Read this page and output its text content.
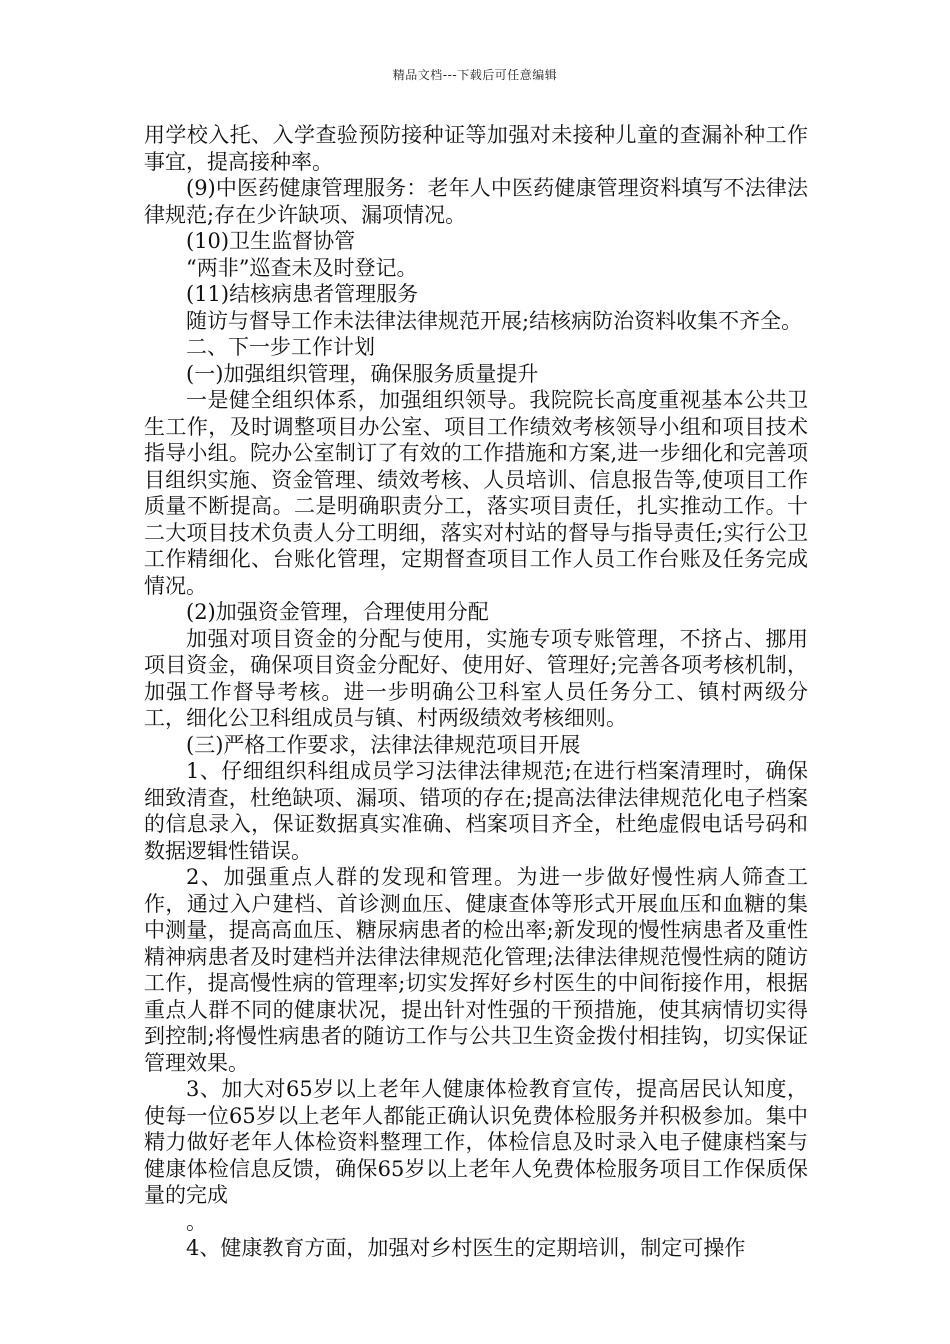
精品文档---下载后可任意编辑

用学校入托、入学查验预防接种证等加强对未接种儿童的查漏补种工作事宜，提高接种率。

(9)中医药健康管理服务：老年人中医药健康管理资料填写不法律法律规范;存在少许缺项、漏项情况。

(10)卫生监督协管

“两非”巡查未及时登记。

(11)结核病患者管理服务

随访与督导工作未法律法律规范开展;结核病防治资料收集不齐全。

二、下一步工作计划

(一)加强组织管理，确保服务质量提升

一是健全组织体系，加强组织领导。我院院长高度重视基本公共卫生工作，及时调整项目办公室、项目工作绩效考核领导小组和项目技术指导小组。院办公室制订了有效的工作措施和方案,进一步细化和完善项目组织实施、资金管理、绩效考核、人员培训、信息报告等,使项目工作质量不断提高。二是明确职责分工，落实项目责任，扎实推动工作。十二大项目技术负责人分工明细，落实对村站的督导与指导责任;实行公卫工作精细化、台账化管理，定期督查项目工作人员工作台账及任务完成情况。

(2)加强资金管理，合理使用分配

加强对项目资金的分配与使用，实施专项专账管理，不挤占、挪用项目资金，确保项目资金分配好、使用好、管理好;完善各项考核机制，加强工作督导考核。进一步明确公卫科室人员任务分工、镇村两级分工，细化公卫科组成员与镇、村两级绩效考核细则。

(三)严格工作要求，法律法律规范项目开展

1、仔细组织科组成员学习法律法律规范;在进行档案清理时，确保细致清查，杜绝缺项、漏项、错项的存在;提高法律法律规范化电子档案的信息录入，保证数据真实准确、档案项目齐全，杜绝虚假电话号码和数据逻辑性错误。

2、加强重点人群的发现和管理。为进一步做好慢性病人筛查工作，通过入户建档、首诊测血压、健康查体等形式开展血压和血糖的集中测量，提高高血压、糖尿病患者的检出率;新发现的慢性病患者及重性精神病患者及时建档并法律法律规范化管理;法律法律规范慢性病的随访工作，提高慢性病的管理率;切实发挥好乡村医生的中间衔接作用，根据重点人群不同的健康状况，提出针对性强的干预措施，使其病情切实得到控制;将慢性病患者的随访工作与公共卫生资金拨付相挂钩，切实保证管理效果。

3、加大对65岁以上老年人健康体检教育宣传，提高居民认知度，使每一位65岁以上老年人都能正确认识免费体检服务并积极参加。集中精力做好老年人体检资料整理工作，体检信息及时录入电子健康档案与健康体检信息反馈，确保65岁以上老年人免费体检服务项目工作保质保量的完成

。

4、健康教育方面，加强对乡村医生的定期培训，制定可操作
